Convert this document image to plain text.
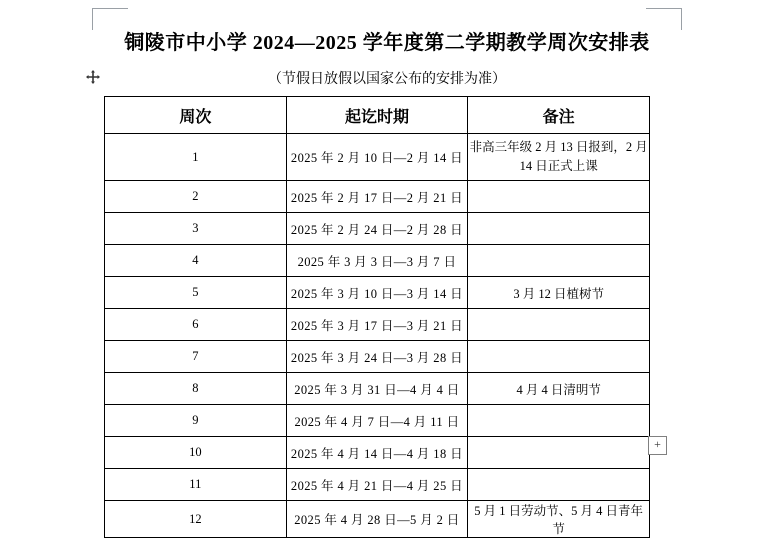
铜陵市中小学 2024—2025 学年度第二学期教学周次安排表
（节假日放假以国家公布的安排为准）
周次	起讫时期	备注
1	2025 年 2 月 10 日—2 月 14 日	非高三年级 2 月 13 日报到，2 月 14 日正式上课
2	2025 年 2 月 17 日—2 月 21 日	
3	2025 年 2 月 24 日—2 月 28 日	
4	2025 年 3 月 3 日—3 月 7 日	
5	2025 年 3 月 10 日—3 月 14 日	3 月 12 日植树节
6	2025 年 3 月 17 日—3 月 21 日	
7	2025 年 3 月 24 日—3 月 28 日	
8	2025 年 3 月 31 日—4 月 4 日	4 月 4 日清明节
9	2025 年 4 月 7 日—4 月 11 日	
10	2025 年 4 月 14 日—4 月 18 日	
11	2025 年 4 月 21 日—4 月 25 日	
12	2025 年 4 月 28 日—5 月 2 日	5 月 1 日劳动节、5 月 4 日青年节
+
